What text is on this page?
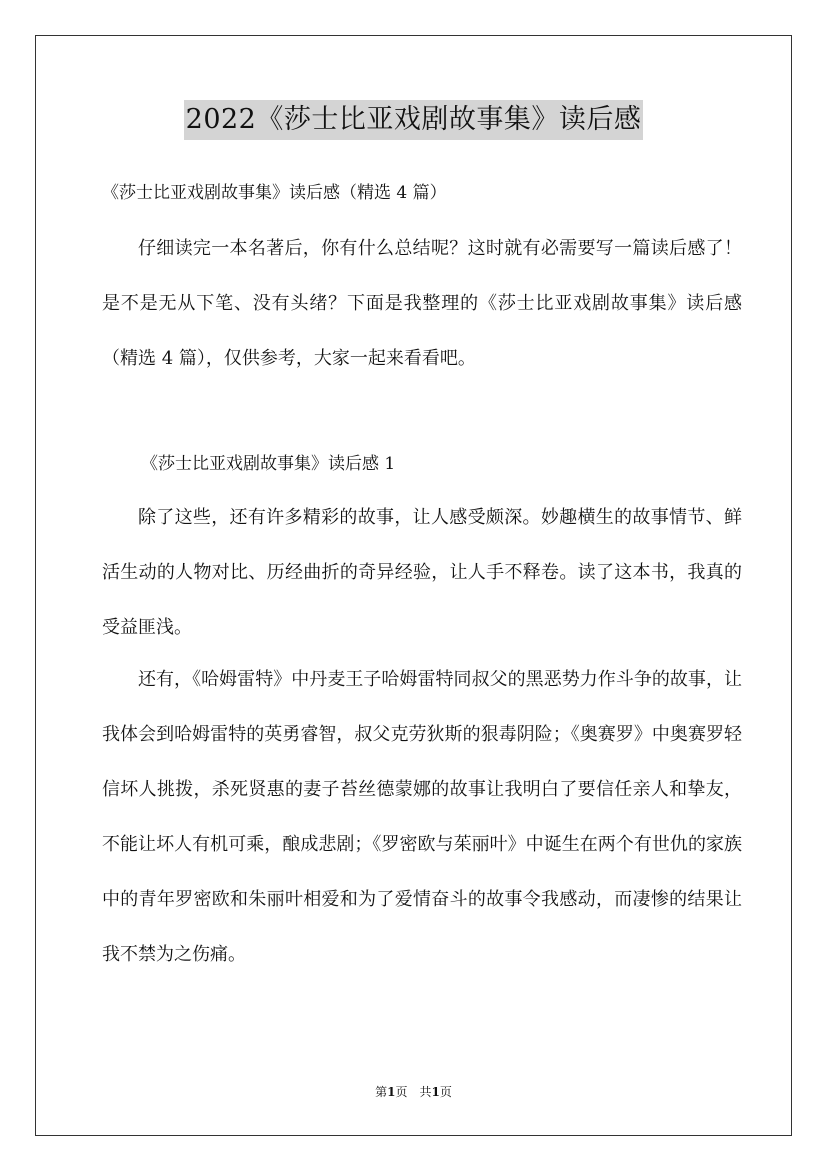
2022《莎士比亚戏剧故事集》读后感
《莎士比亚戏剧故事集》读后感（精选 4 篇）

仔细读完一本名著后，你有什么总结呢？这时就有必需要写一篇读后感了！是不是无从下笔、没有头绪？下面是我整理的《莎士比亚戏剧故事集》读后感（精选 4 篇），仅供参考，大家一起来看看吧。

《莎士比亚戏剧故事集》读后感 1

除了这些，还有许多精彩的故事，让人感受颇深。妙趣横生的故事情节、鲜活生动的人物对比、历经曲折的奇异经验，让人手不释卷。读了这本书，我真的受益匪浅。

还有，《哈姆雷特》中丹麦王子哈姆雷特同叔父的黑恶势力作斗争的故事，让我体会到哈姆雷特的英勇睿智，叔父克劳狄斯的狠毒阴险；《奥赛罗》中奥赛罗轻信坏人挑拨，杀死贤惠的妻子苔丝德蒙娜的故事让我明白了要信任亲人和挚友，不能让坏人有机可乘，酿成悲剧；《罗密欧与茱丽叶》中诞生在两个有世仇的家族中的青年罗密欧和朱丽叶相爱和为了爱情奋斗的故事令我感动，而凄惨的结果让我不禁为之伤痛。

第1页　共1页
